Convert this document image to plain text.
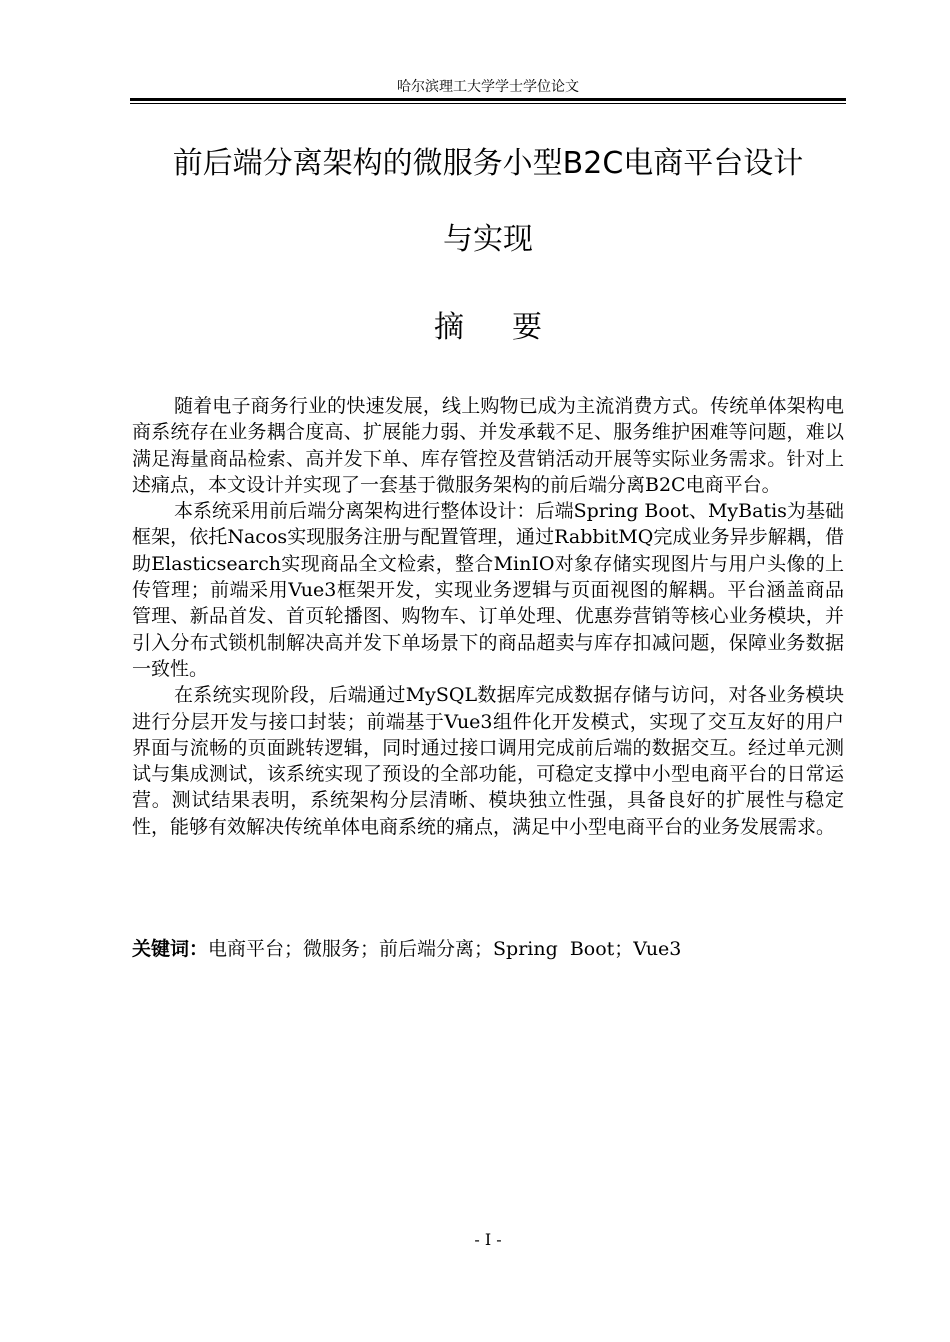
哈尔滨理工大学学士学位论文
前后端分离架构的微服务小型B2C电商平台设计
与实现
摘要

随着电子商务行业的快速发展，线上购物已成为主流消费方式。传统单体架构电商系统存在业务耦合度高、扩展能力弱、并发承载不足、服务维护困难等问题，难以满足海量商品检索、高并发下单、库存管控及营销活动开展等实际业务需求。针对上述痛点，本文设计并实现了一套基于微服务架构的前后端分离B2C电商平台。

本系统采用前后端分离架构进行整体设计：后端Spring Boot、MyBatis为基础框架，依托Nacos实现服务注册与配置管理，通过RabbitMQ完成业务异步解耦，借助Elasticsearch实现商品全文检索，整合MinIO对象存储实现图片与用户头像的上传管理；前端采用Vue3框架开发，实现业务逻辑与页面视图的解耦。平台涵盖商品管理、新品首发、首页轮播图、购物车、订单处理、优惠券营销等核心业务模块，并引入分布式锁机制解决高并发下单场景下的商品超卖与库存扣减问题，保障业务数据一致性。

在系统实现阶段，后端通过MySQL数据库完成数据存储与访问，对各业务模块进行分层开发与接口封装；前端基于Vue3组件化开发模式，实现了交互友好的用户界面与流畅的页面跳转逻辑，同时通过接口调用完成前后端的数据交互。经过单元测试与集成测试，该系统实现了预设的全部功能，可稳定支撑中小型电商平台的日常运营。测试结果表明，系统架构分层清晰、模块独立性强，具备良好的扩展性与稳定性，能够有效解决传统单体电商系统的痛点，满足中小型电商平台的业务发展需求。

关键词：电商平台；微服务；前后端分离；Spring  Boot；Vue3
- I -
